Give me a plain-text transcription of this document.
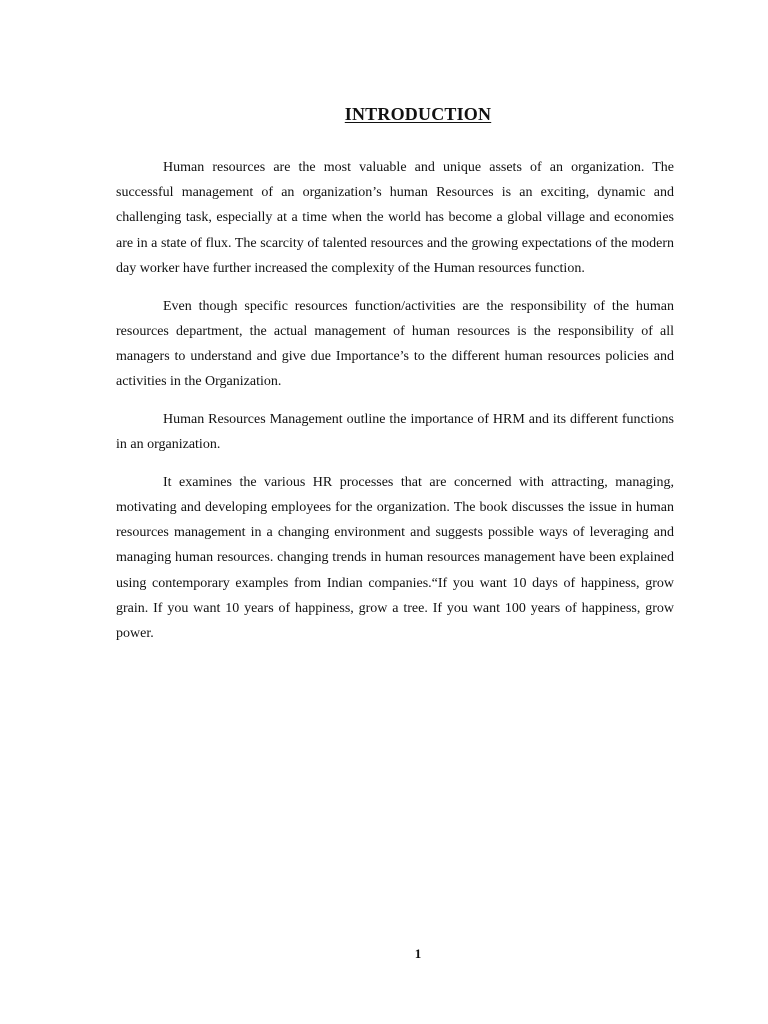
INTRODUCTION

Human resources are the most valuable and unique assets of an organization. The successful management of an organization’s human Resources is an exciting, dynamic and challenging task, especially at a time when the world has become a global village and economies are in a state of flux. The scarcity of talented resources and the growing expectations of the modern day worker have further increased the complexity of the Human resources function.

Even though specific resources function/activities are the responsibility of the human resources department, the actual management of human resources is the responsibility of all managers to understand and give due Importance’s to the different human resources policies and activities in the Organization.

Human Resources Management outline the importance of HRM and its different functions in an organization.

It examines the various HR processes that are concerned with attracting, managing, motivating and developing employees for the organization. The book discusses the issue in human resources management in a changing environment and suggests possible ways of leveraging and managing human resources. changing trends in human resources management have been explained using contemporary examples from Indian companies.“If you want 10 days of happiness, grow grain. If you want 10 years of happiness, grow a tree. If you want 100 years of happiness, grow power.

1
